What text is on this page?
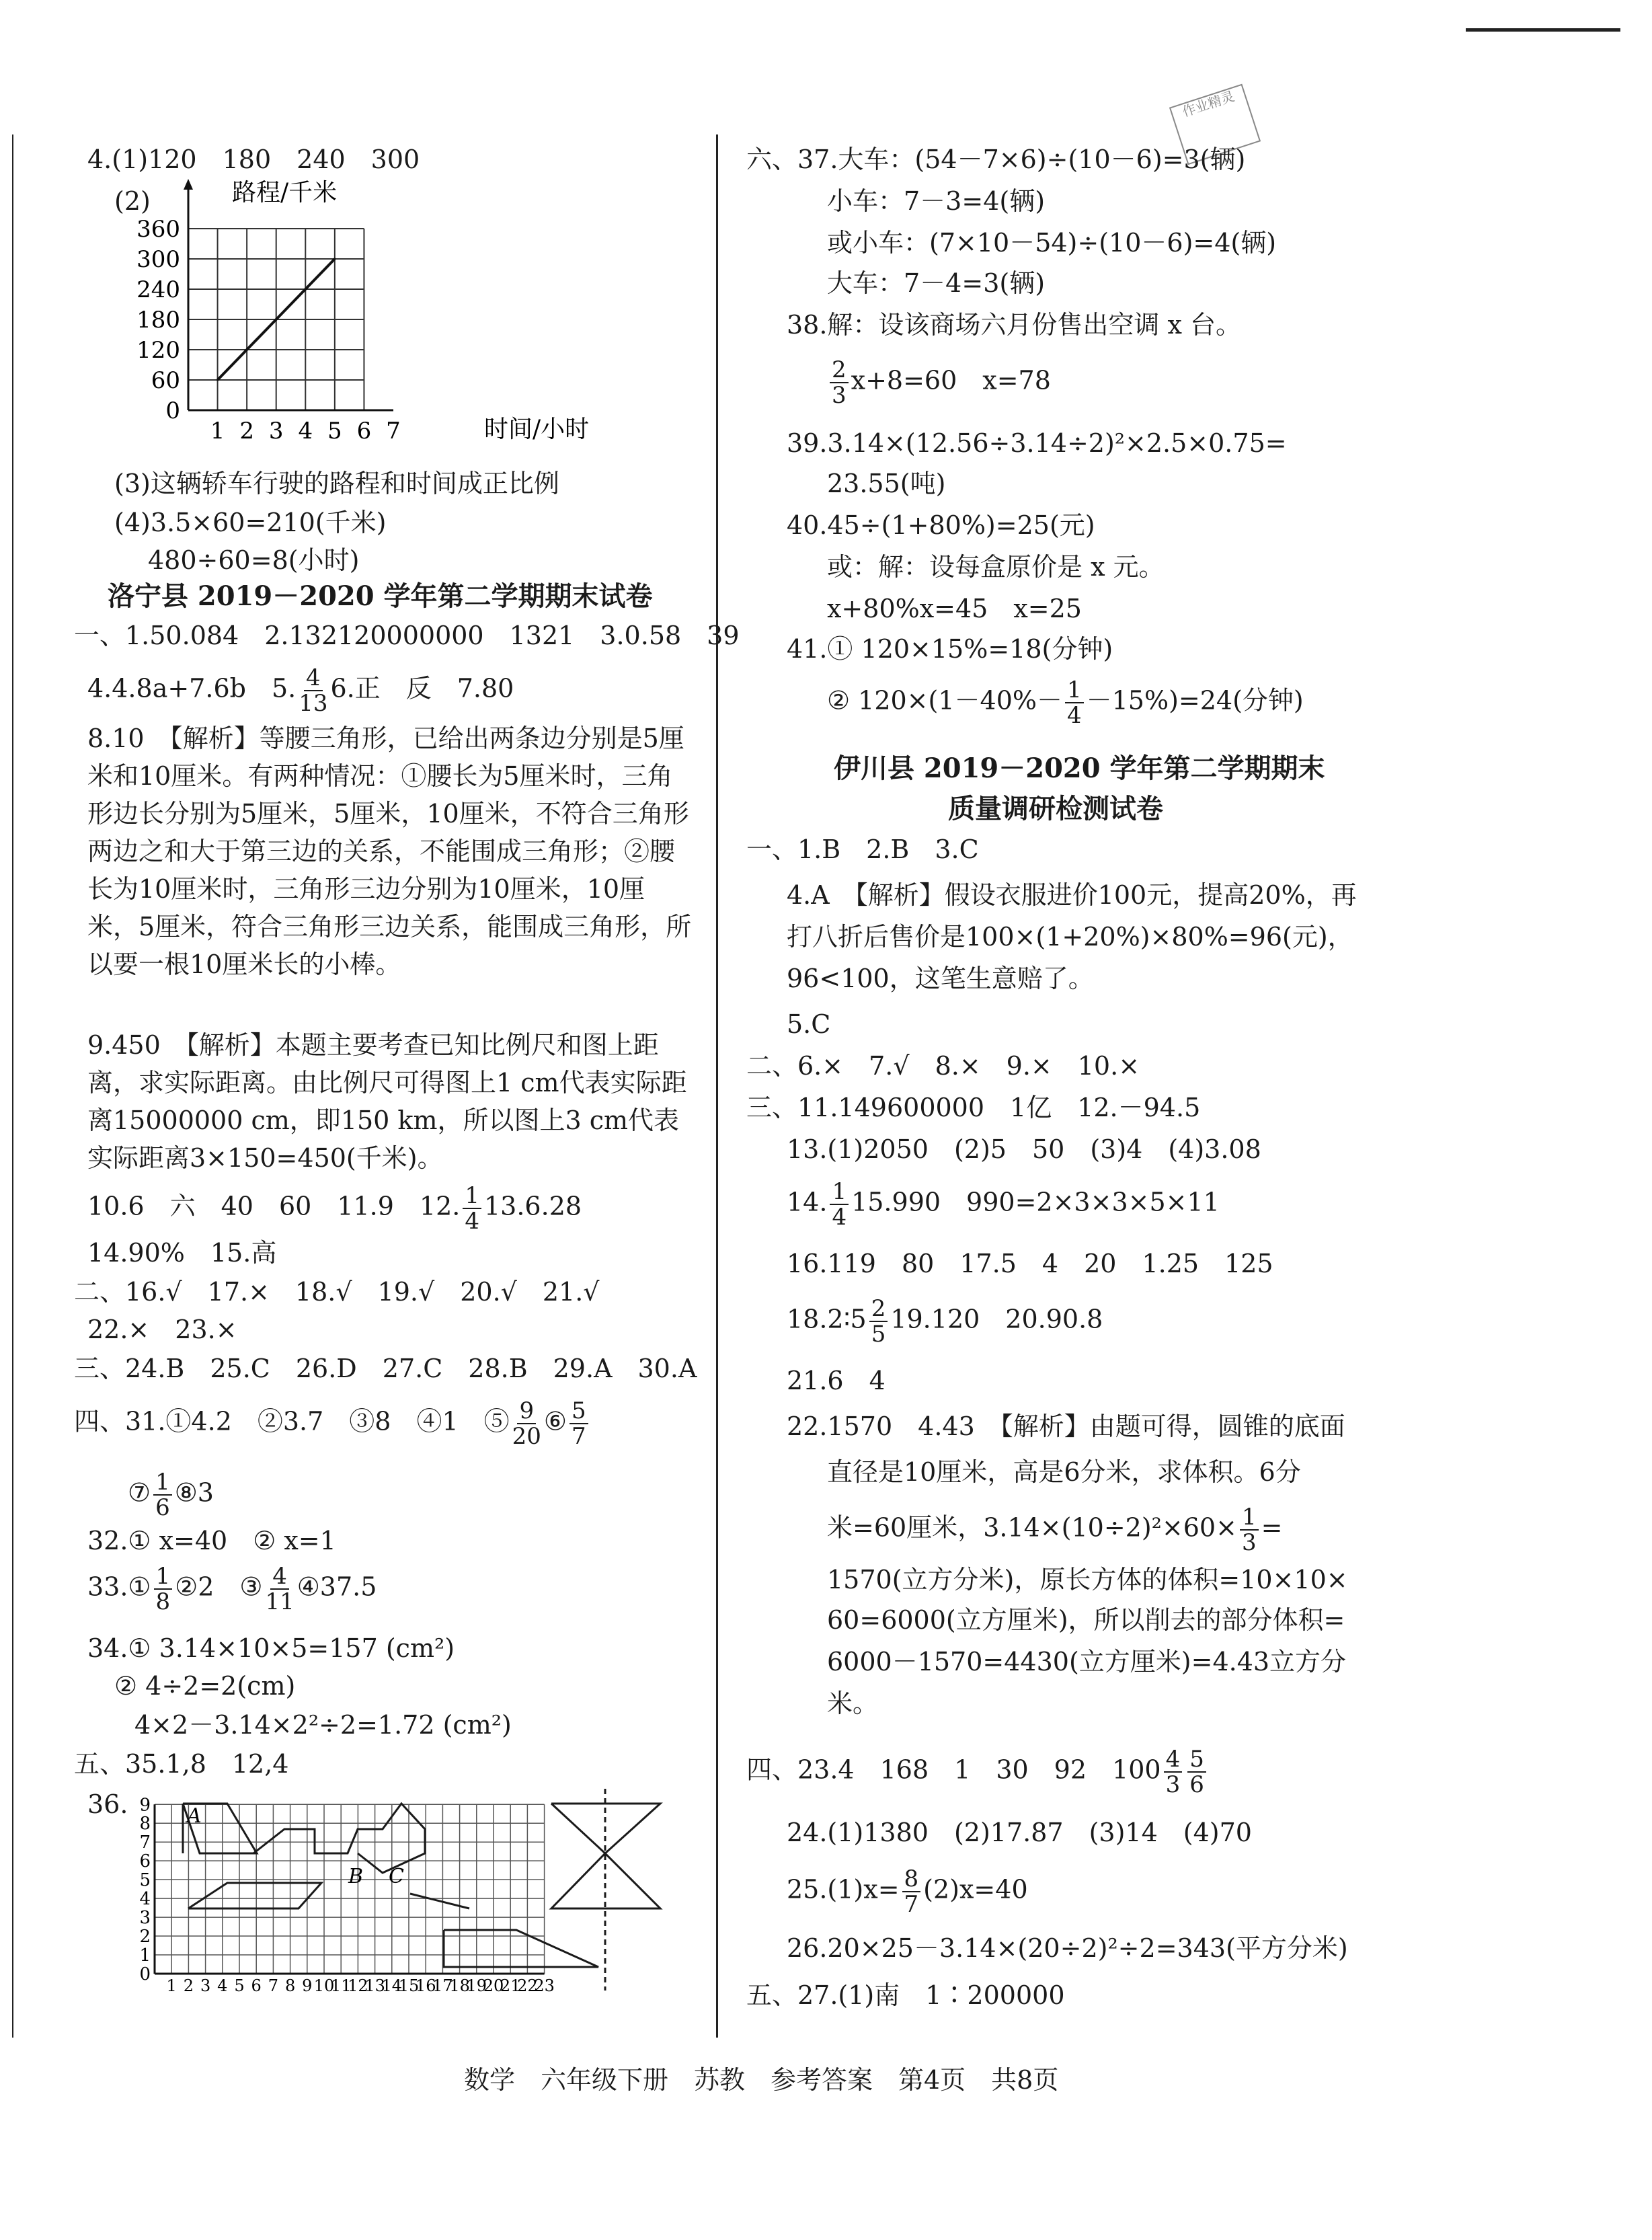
作业精灵
4.(1)120　180　240　300
(2)	路程/千米
时间/小时
0
60
120
180
240
300
360
1 2 3 4 5 6 7
(3)这辆轿车行驶的路程和时间成正比例
(4)3.5×60=210(千米)
480÷60=8(小时)
洛宁县 2019－2020 学年第二学期期末试卷
一、1.50.084　2.132120000000　1321　3.0.58　39
4.4.8a+7.6b　5. $\frac{4}{13} 6$.正　反　7.80
8.10　【解析】等腰三角形，已给出两条边分别是5厘米和10厘米。有两种情况：①腰长为5厘米时，三角形边长分别为5厘米，5厘米，10厘米，不符合三角形两边之和大于第三边的关系，不能围成三角形；②腰长为10厘米时，三角形三边分别为10厘米，10厘米，5厘米，符合三角形三边关系，能围成三角形，所以要一根10厘米长的小棒。
9.450　【解析】本题主要考查已知比例尺和图上距离，求实际距离。由比例尺可得图上1 cm代表实际距离15000000 cm，即150 km，所以图上3 cm代表实际距离3×150=450(千米)。
10.6　六　40　60　11.9　12. $\frac{1}{4} 13.6.28$
14.90%　15.高
二、16.√　17.×　18.√　19.√　20.√　21.√
22.×　23.×
三、24.B　25.C　26.D　27.C　28.B　29.A　30.A
四、31.①4.2　②3.7　③8　④1　⑤ $\frac{9}{20}$ ⑥ $\frac{5}{7}$
⑦ $\frac{1}{6}$ ⑧3
32.① x=40　② x=1
33.① $\frac{1}{8}$ ②2　③ $\frac{4}{11}$ ④37.5
34.① 3.14×10×5=157 (cm²)
② 4÷2=2(cm)
4×2－3.14×2²÷2=1.72 (cm²)
五、35.1,8　12,4
36.
0
1
2
3
4
5
6
7
8
9
1 2 3 4 5 6 7 8 9 10
11
12
13
14
15
16
17
18
19
20
21
22
23
A
B C
六、37.大车：(54－7×6)÷(10－6)=3(辆)
小车：7－3=4(辆)
或小车：(7×10－54)÷(10－6)=4(辆)
大车：7－4=3(辆)
38.解：设该商场六月份售出空调 x 台。
$\frac{2}{3} x+8=60$　x=78
39.3.14×(12.56÷3.14÷2)²×2.5×0.75=
23.55(吨)
40.45÷(1+80%)=25(元)
或：解：设每盒原价是 x 元。
x+80%x=45　x=25
41.① 120×15%=18(分钟)
② $120\times(1-40\%- \frac{1}{4} -15\%)=24$(分钟)
伊川县 2019－2020 学年第二学期期末
质量调研检测试卷
一、1.B　2.B　3.C
4.A　【解析】假设衣服进价100元，提高20%，再打八折后售价是100×(1+20%)×80%=96(元)，96<100，这笔生意赔了。
5.C
二、6.×　7.√　8.×　9.×　10.×
三、11.149600000　1亿　12.－94.5
13.(1)2050　(2)5　50　(3)4　(4)3.08
14. $\frac{1}{4} 15.990$　990=2×3×3×5×11
16.119　80　17.5　4　20　1.25　125
18.2∶5 $\frac{2}{5} 19.120$　20.90.8
21.6　4
22.1570　4.43　【解析】由题可得，圆锥的底面
直径是10厘米，高是6分米，求体积。6分
米=60厘米，$3.14\times(10\div 2)^2\times 60\times \frac{1}{3}$ =
1570(立方分米)，原长方体的体积=10×10×
60=6000(立方厘米)，所以削去的部分体积=
6000－1570=4430(立方厘米)=4.43立方分
米。
四、23.4　168　1　30　92　$100 \frac{4}{3} \frac{5}{6}$
24.(1)1380　(2)17.87　(3)14　(4)70
$25.(1)x= \frac{8}{7} (2)x=40$
26.20×25－3.14×(20÷2)²÷2=343(平方分米)
五、27.(1)南　1∶200000
数学　六年级下册　苏教　参考答案　第4页　共8页
